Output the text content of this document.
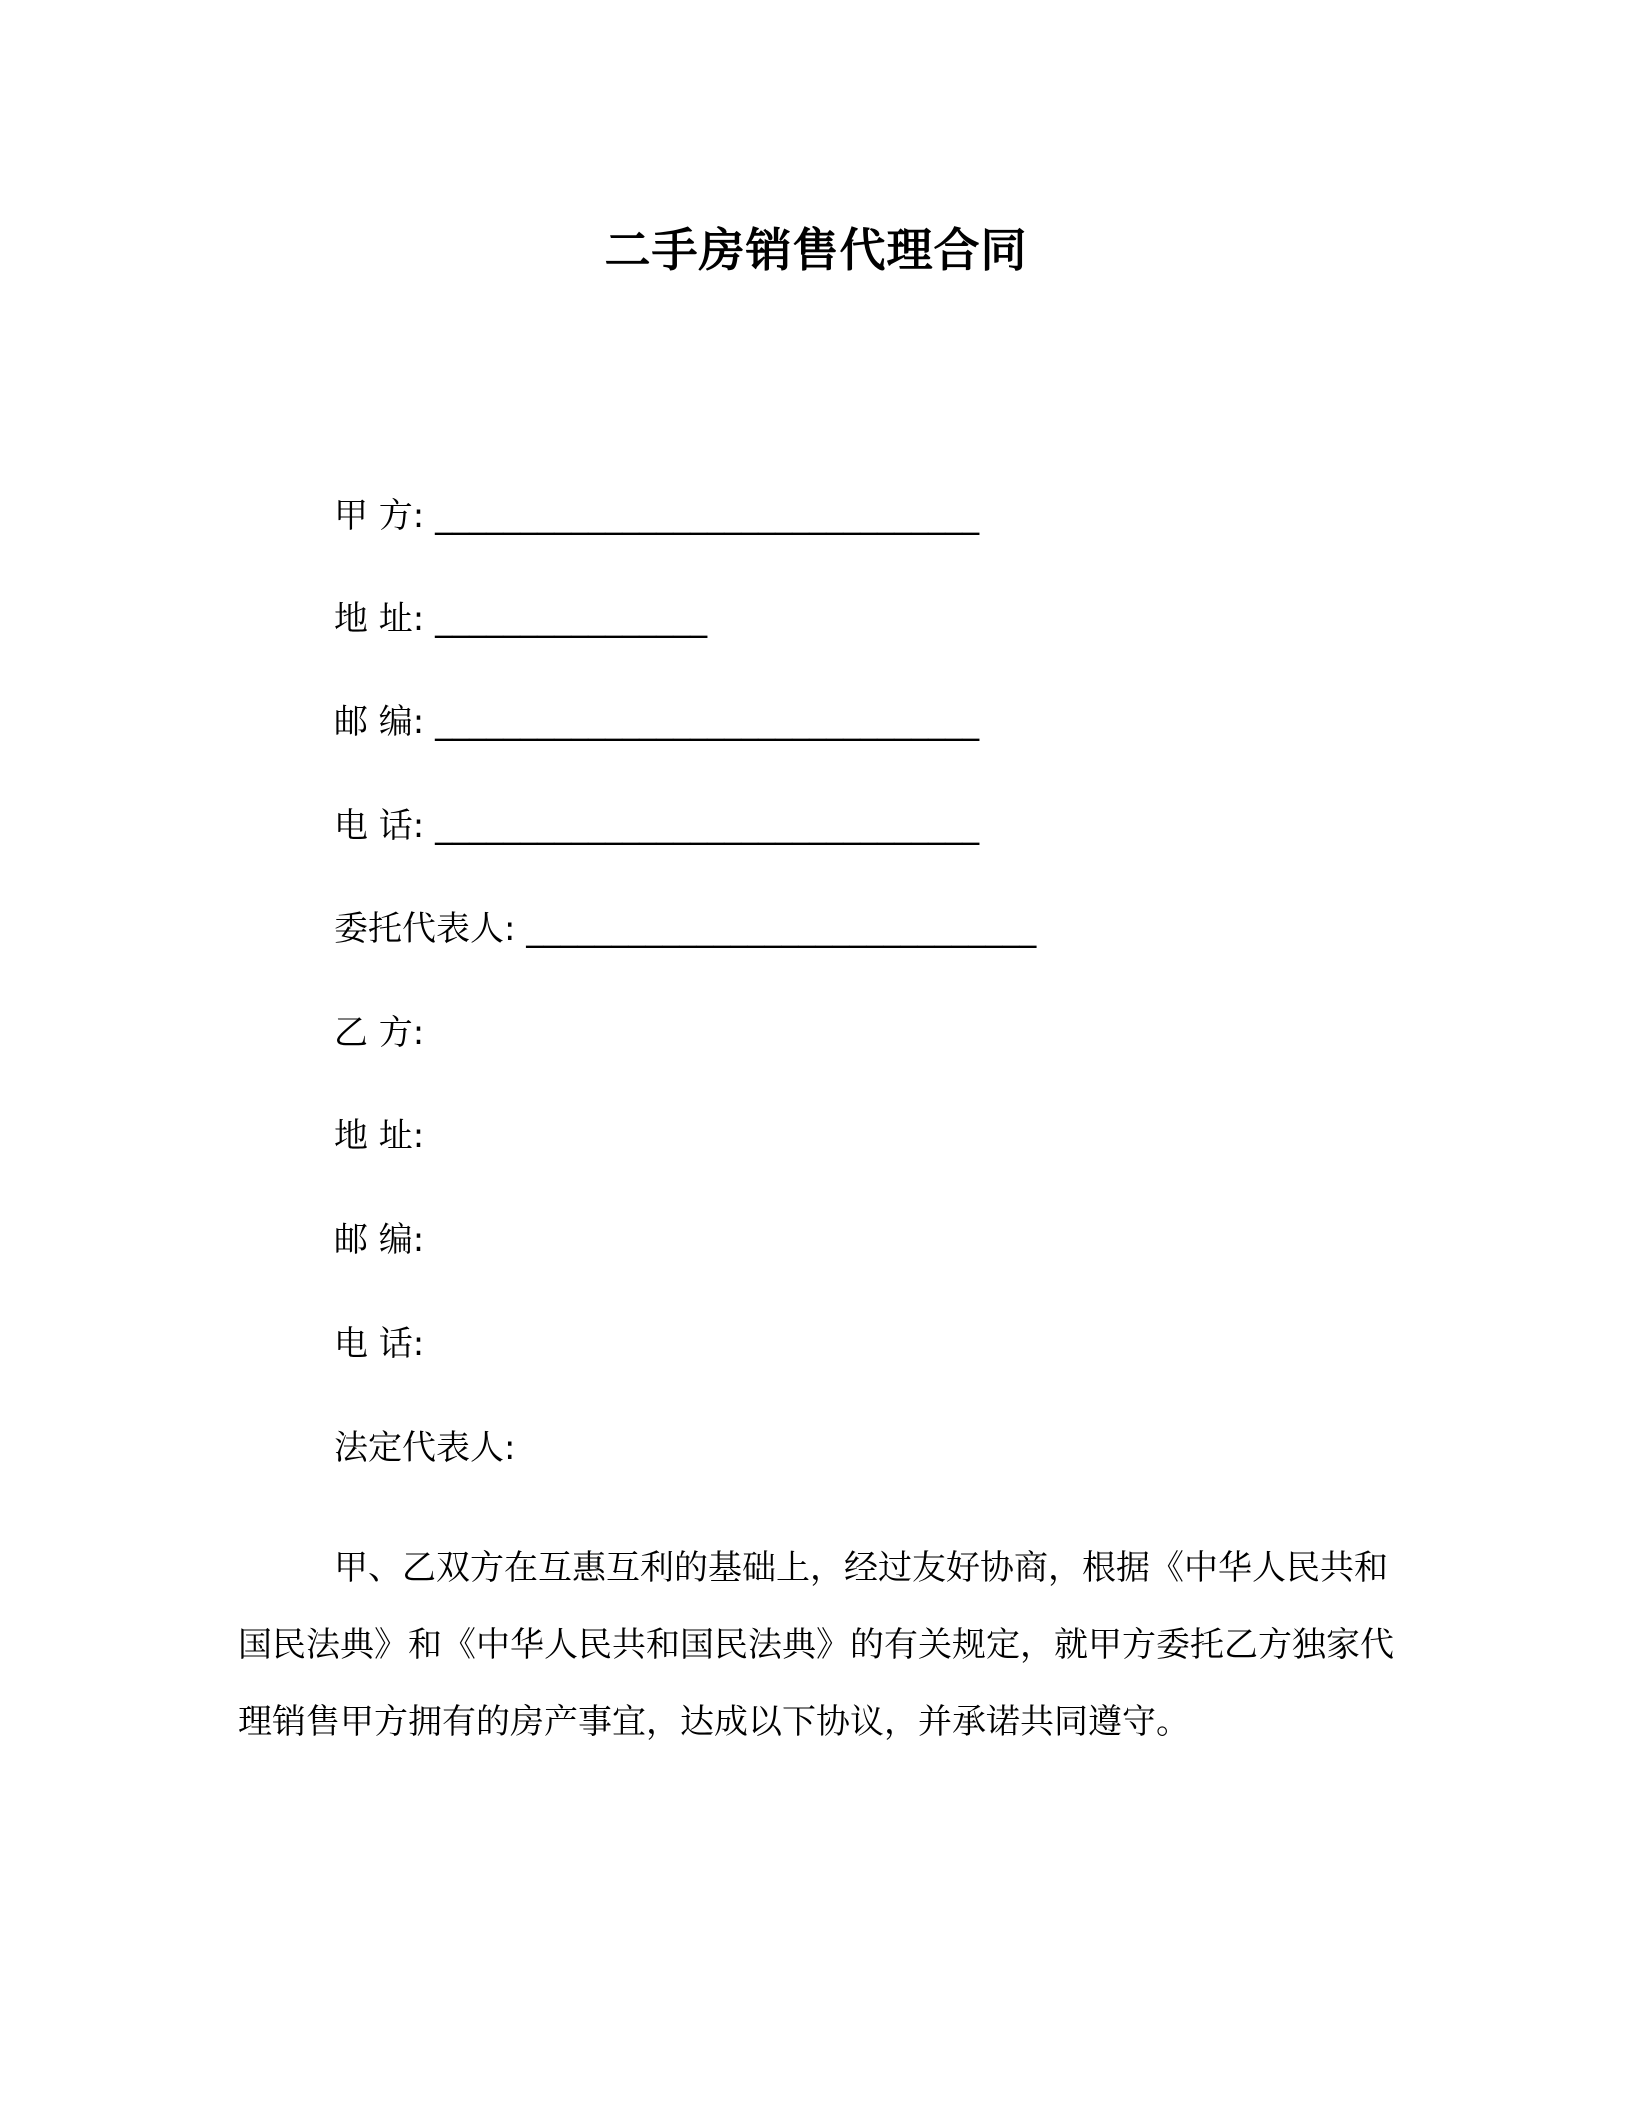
二手房销售代理合同
甲 方: ________________________________
地 址: ________________
邮 编: ________________________________
电 话: ________________________________
委托代表人: ______________________________
乙 方:
地 址:
邮 编:
电 话:
法定代表人:
甲、乙双方在互惠互利的基础上，经过友好协商，根据《中华人民共和国民法典》和《中华人民共和国民法典》的有关规定，就甲方委托乙方独家代理销售甲方拥有的房产事宜，达成以下协议，并承诺共同遵守。
